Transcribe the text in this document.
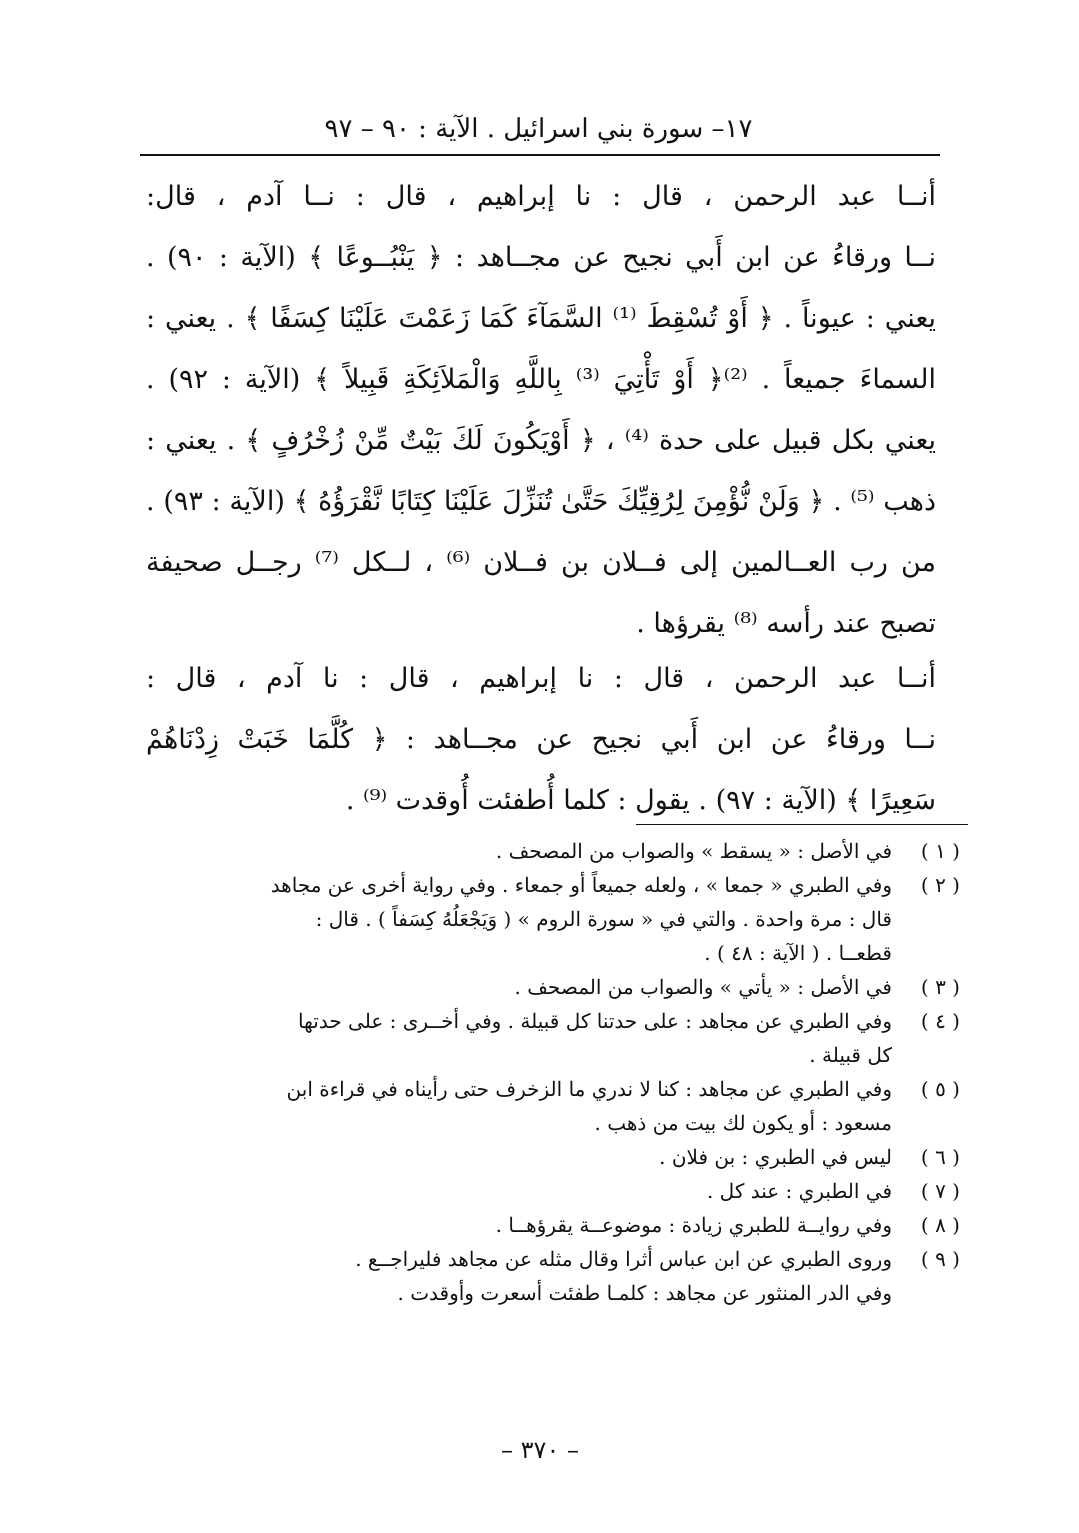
١٧– سورة بني اسرائيل . الآية : ٩٠ – ٩٧
أنــا عبد الرحمن ، قال : نا إبراهيم ، قال : نــا آدم ، قال:
نــا ورقاءُ عن ابن أَبي نجيح عن مجــاهد : ﴿ يَنْبُــوعًا ﴾ (الآية : ٩٠) .
يعني : عيوناً . ﴿ أَوْ تُسْقِطَ ⁽¹⁾ السَّمَآءَ كَمَا زَعَمْتَ عَلَيْنَا كِسَفًا ﴾ . يعني :
السماءَ جميعاً . ⁽²⁾﴿ أَوْ تَأْتِيَ ⁽³⁾ بِاللَّهِ وَالْمَلاَئِكَةِ قَبِيلاً ﴾ (الآية : ٩٢) .
يعني بكل قبيل على حدة ⁽⁴⁾ ، ﴿ أَوْيَكُونَ لَكَ بَيْتٌ مِّنْ زُخْرُفٍ ﴾ . يعني :
ذهب ⁽⁵⁾ . ﴿ وَلَنْ نُّؤْمِنَ لِرُقِيِّكَ حَتَّىٰ تُنَزِّلَ عَلَيْنَا كِتَابًا نَّقْرَؤُهُ ﴾ (الآية : ٩٣) .
من رب العــالمين إلى فــلان بن فــلان ⁽⁶⁾ ، لــكل ⁽⁷⁾ رجــل صحيفة
تصبح عند رأسه ⁽⁸⁾ يقرؤها .
أنــا عبد الرحمن ، قال : نا إبراهيم ، قال : نا آدم ، قال :
نــا ورقاءُ عن ابن أَبي نجيح عن مجــاهد : ﴿ كُلَّمَا خَبَتْ زِدْنَاهُمْ
سَعِيرًا ﴾ (الآية : ٩٧) . يقول : كلما أُطفئت أُوقدت ⁽⁹⁾ .
( ١ )
في الأصل : « يسقط » والصواب من المصحف .
( ٢ )
وفي الطبري « جمعا » ، ولعله جميعاً أو جمعاء . وفي رواية أخرى عن مجاهد
قال : مرة واحدة . والتي في « سورة الروم » ( وَيَجْعَلُهُ كِسَفاً ) . قال :
قطعــا . ( الآية : ٤٨ ) .
( ٣ )
في الأصل : « يأتي » والصواب من المصحف .
( ٤ )
وفي الطبري عن مجاهد : على حدتنا كل قبيلة . وفي أخــرى : على حدتها
كل قبيلة .
( ٥ )
وفي الطبري عن مجاهد : كنا لا ندري ما الزخرف حتى رأيناه في قراءة ابن
مسعود : أو يكون لك بيت من ذهب .
( ٦ )
ليس في الطبري : بن فلان .
( ٧ )
في الطبري : عند كل .
( ٨ )
وفي روايــة للطبري زيادة : موضوعــة يقرؤهــا .
( ٩ )
وروى الطبري عن ابن عباس أثرا وقال مثله عن مجاهد فليراجــع .
وفي الدر المنثور عن مجاهد : كلمـا طفئت أسعرت وأوقدت .
– ٣٧٠ –
